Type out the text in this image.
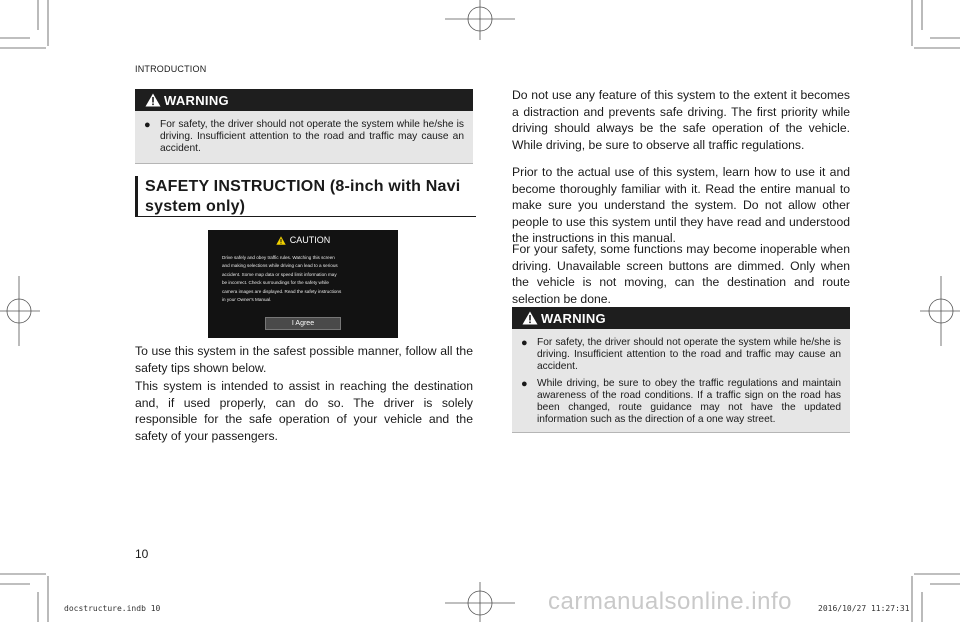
INTRODUCTION
WARNING
● For safety, the driver should not operate the system while he/she is driving. Insufficient attention to the road and traffic may cause an accident.
SAFETY INSTRUCTION (8-inch with Navi system only)
CAUTION
Drive safely and obey traffic rules. Watching this screen
and making selections while driving can lead to a serious
accident. Some map data or speed limit information may
be incorrect. Check surroundings for the safety while
camera images are displayed. Read the safety instructions
in your Owner's Manual.
I Agree
To use this system in the safest possible manner, follow all the safety tips shown below.
This system is intended to assist in reaching the destination and, if used properly, can do so. The driver is solely responsible for the safe operation of your vehicle and the safety of your passengers.
Do not use any feature of this system to the extent it becomes a distraction and prevents safe driving. The first priority while driving should always be the safe operation of the vehicle. While driving, be sure to observe all traffic regulations.
Prior to the actual use of this system, learn how to use it and become thoroughly familiar with it. Read the entire manual to make sure you understand the system. Do not allow other people to use this system until they have read and understood the instructions in this manual.
For your safety, some functions may become inoperable when driving. Unavailable screen buttons are dimmed. Only when the vehicle is not moving, can the destination and route selection be done.
WARNING
● For safety, the driver should not operate the system while he/she is driving. Insufficient attention to the road and traffic may cause an accident.
● While driving, be sure to obey the traffic regulations and maintain awareness of the road conditions. If a traffic sign on the road has been changed, route guidance may not have the updated information such as the direction of a one way street.
10
carmanualsonline.info
docstructure.indb 10	2016/10/27 11:27:31
